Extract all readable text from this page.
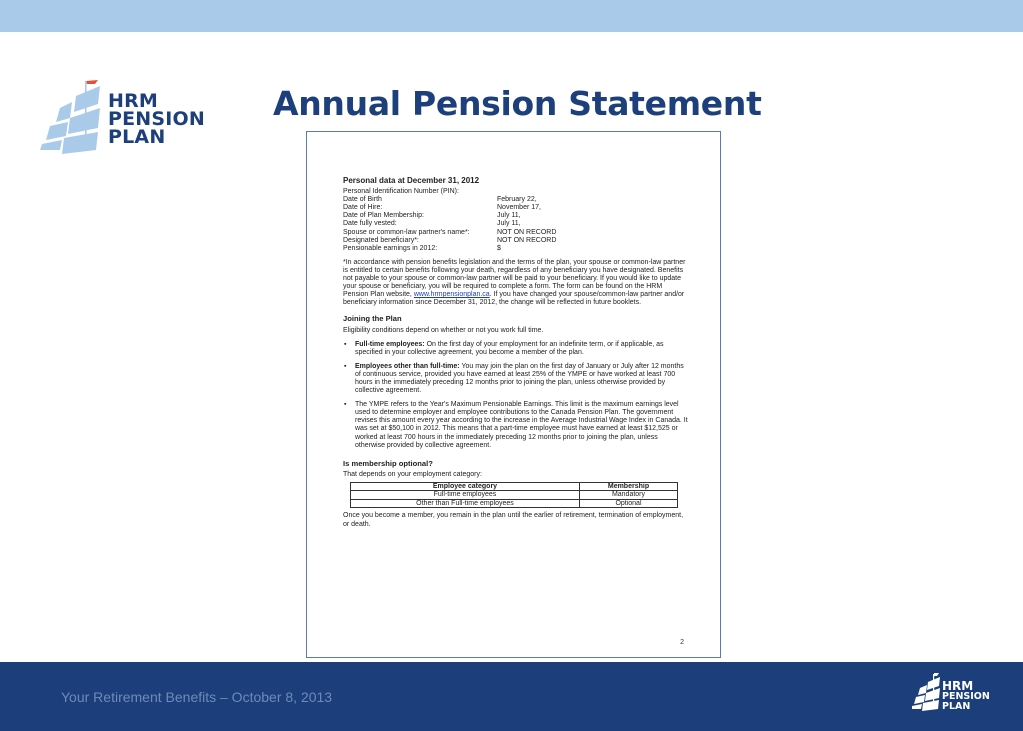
HRM
PENSION
PLAN
Annual Pension Statement
Personal data at December 31, 2012
Personal Identification Number (PIN):
Date of Birth	February 22,
Date of Hire:	November 17,
Date of Plan Membership:	July 11,
Date fully vested:	July 11,
Spouse or common-law partner's name*:	NOT ON RECORD
Designated beneficiary*:	NOT ON RECORD
Pensionable earnings in 2012:	$
*In accordance with pension benefits legislation and the terms of the plan, your spouse or common-law partner is entitled to certain benefits following your death, regardless of any beneficiary you have designated. Benefits not payable to your spouse or common-law partner will be paid to your beneficiary. If you would like to update your spouse or beneficiary, you will be required to complete a form. The form can be found on the HRM Pension Plan website, www.hrmpensionplan.ca. If you have changed your spouse/common-law partner and/or beneficiary information since December 31, 2012, the change will be reflected in future booklets.
Joining the Plan
Eligibility conditions depend on whether or not you work full time.
▪	Full-time employees: On the first day of your employment for an indefinite term, or if applicable, as specified in your collective agreement, you become a member of the plan.
▪	Employees other than full-time: You may join the plan on the first day of January or July after 12 months of continuous service, provided you have earned at least 25% of the YMPE or have worked at least 700 hours in the immediately preceding 12 months prior to joining the plan, unless otherwise provided by collective agreement.
▪	The YMPE refers to the Year's Maximum Pensionable Earnings. This limit is the maximum earnings level used to determine employer and employee contributions to the Canada Pension Plan. The government revises this amount every year according to the increase in the Average Industrial Wage Index in Canada. It was set at $50,100 in 2012. This means that a part-time employee must have earned at least $12,525 or worked at least 700 hours in the immediately preceding 12 months prior to joining the plan, unless otherwise provided by collective agreement.
Is membership optional?
That depends on your employment category:
Employee category	Membership
Full-time employees	Mandatory
Other than Full-time employees	Optional
Once you become a member, you remain in the plan until the earlier of retirement, termination of employment, or death.
2
Your Retirement Benefits – October 8, 2013
HRM
PENSION
PLAN
